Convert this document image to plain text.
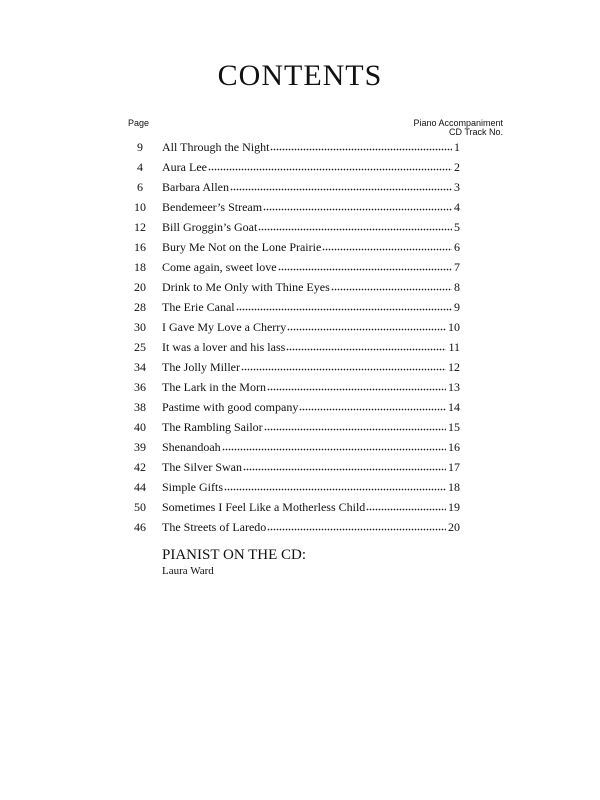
CONTENTS
Page	Piano Accompaniment
CD Track No.
9	All Through the Night	1
4	Aura Lee	2
6	Barbara Allen	3
10	Bendemeer’s Stream	4
12	Bill Groggin’s Goat	5
16	Bury Me Not on the Lone Prairie	6
18	Come again, sweet love	7
20	Drink to Me Only with Thine Eyes	8
28	The Erie Canal	9
30	I Gave My Love a Cherry	10
25	It was a lover and his lass	11
34	The Jolly Miller	12
36	The Lark in the Morn	13
38	Pastime with good company	14
40	The Rambling Sailor	15
39	Shenandoah	16
42	The Silver Swan	17
44	Simple Gifts	18
50	Sometimes I Feel Like a Motherless Child	19
46	The Streets of Laredo	20
PIANIST ON THE CD:
Laura Ward
